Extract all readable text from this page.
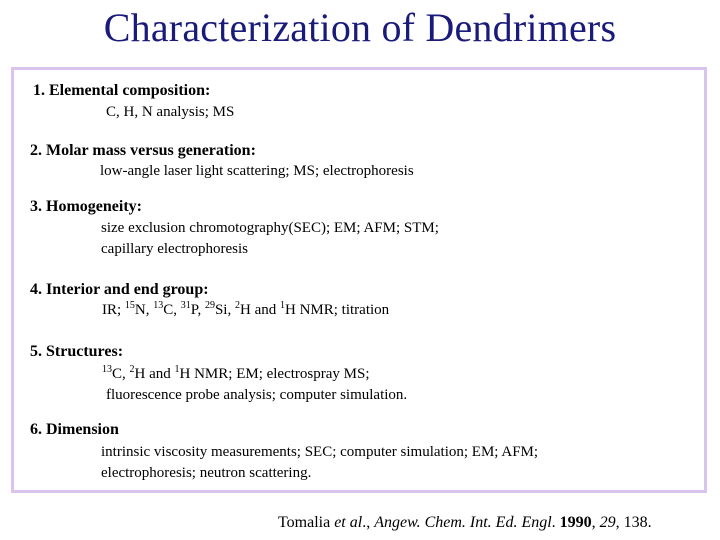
Characterization of Dendrimers
1. Elemental composition:
C, H, N analysis; MS
2. Molar mass versus generation:
low-angle laser light scattering; MS; electrophoresis
3. Homogeneity:
size exclusion chromotography(SEC); EM; AFM; STM;
capillary electrophoresis
4. Interior and end group:
IR; $^{15}$N, $^{13}$C, $^{31}$P, $^{29}$Si, $^2$H and $^1$H NMR; titration
5. Structures:
$^{13}$C, $^2$H and $^1$H NMR; EM; electrospray MS;
fluorescence probe analysis; computer simulation.
6. Dimension
intrinsic viscosity measurements; SEC; computer simulation; EM; AFM;
electrophoresis; neutron scattering.
Tomalia et al., Angew. Chem. Int. Ed. Engl. 1990, 29, 138.
